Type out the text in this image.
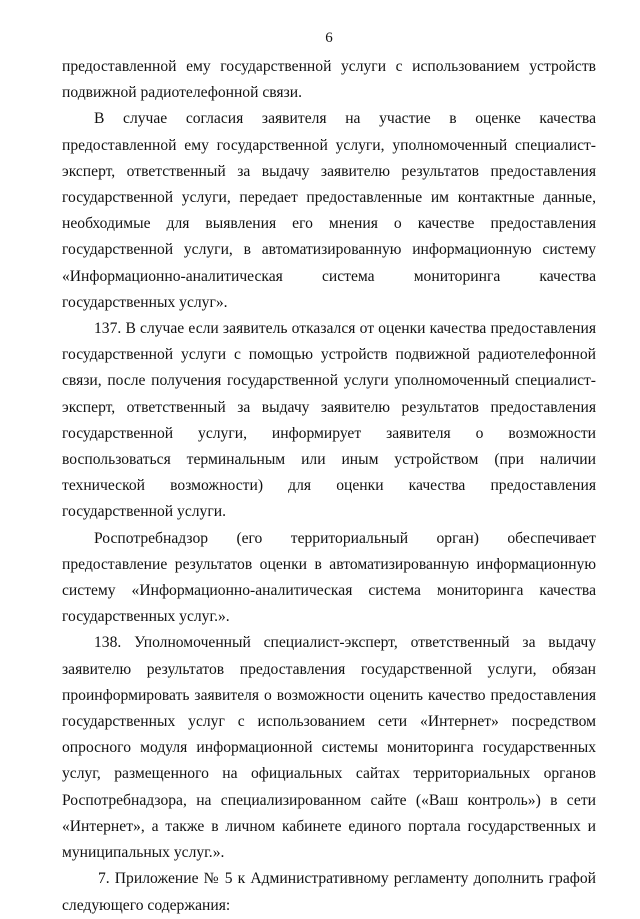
6

предоставленной ему государственной услуги с использованием устройств подвижной радиотелефонной связи.

В случае согласия заявителя на участие в оценке качества предоставленной ему государственной услуги, уполномоченный специалист-эксперт, ответственный за выдачу заявителю результатов предоставления государственной услуги, передает предоставленные им контактные данные, необходимые для выявления его мнения о качестве предоставления государственной услуги, в автоматизированную информационную систему «Информационно-аналитическая система мониторинга качества государственных услуг».

137. В случае если заявитель отказался от оценки качества предоставления государственной услуги с помощью устройств подвижной радиотелефонной связи, после получения государственной услуги уполномоченный специалист-эксперт, ответственный за выдачу заявителю результатов предоставления государственной услуги, информирует заявителя о возможности воспользоваться терминальным или иным устройством (при наличии технической возможности) для оценки качества предоставления государственной услуги.

Роспотребнадзор (его территориальный орган) обеспечивает предоставление результатов оценки в автоматизированную информационную систему «Информационно-аналитическая система мониторинга качества государственных услуг.».

138. Уполномоченный специалист-эксперт, ответственный за выдачу заявителю результатов предоставления государственной услуги, обязан проинформировать заявителя о возможности оценить качество предоставления государственных услуг с использованием сети «Интернет» посредством опросного модуля информационной системы мониторинга государственных услуг, размещенного на официальных сайтах территориальных органов Роспотребнадзора, на специализированном сайте («Ваш контроль») в сети «Интернет», а также в личном кабинете единого портала государственных и муниципальных услуг.».

7. Приложение № 5 к Административному регламенту дополнить графой следующего содержания:
